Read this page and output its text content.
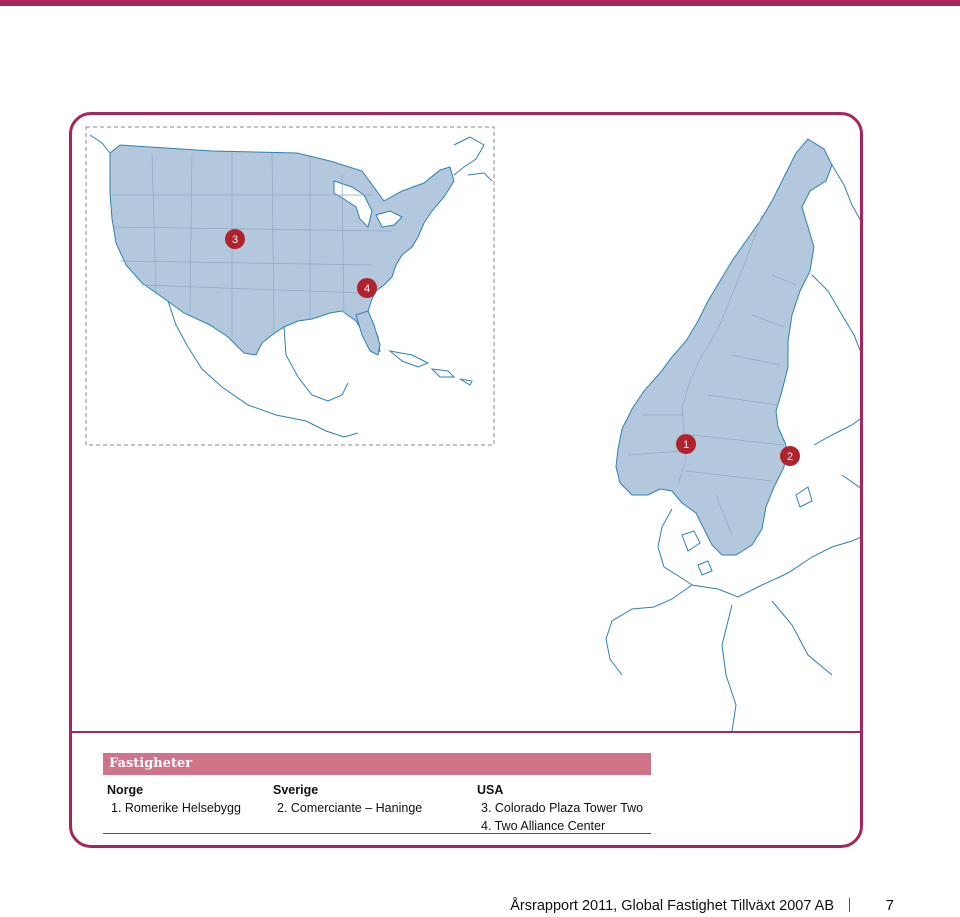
1
2
3
4
Fastigheter
Norge
1. Romerike Helsebygg
Sverige
2. Comerciante – Haninge
USA
3. Colorado Plaza Tower Two
4. Two Alliance Center
Årsrapport 2011, Global Fastighet Tillväxt 2007 AB	7
